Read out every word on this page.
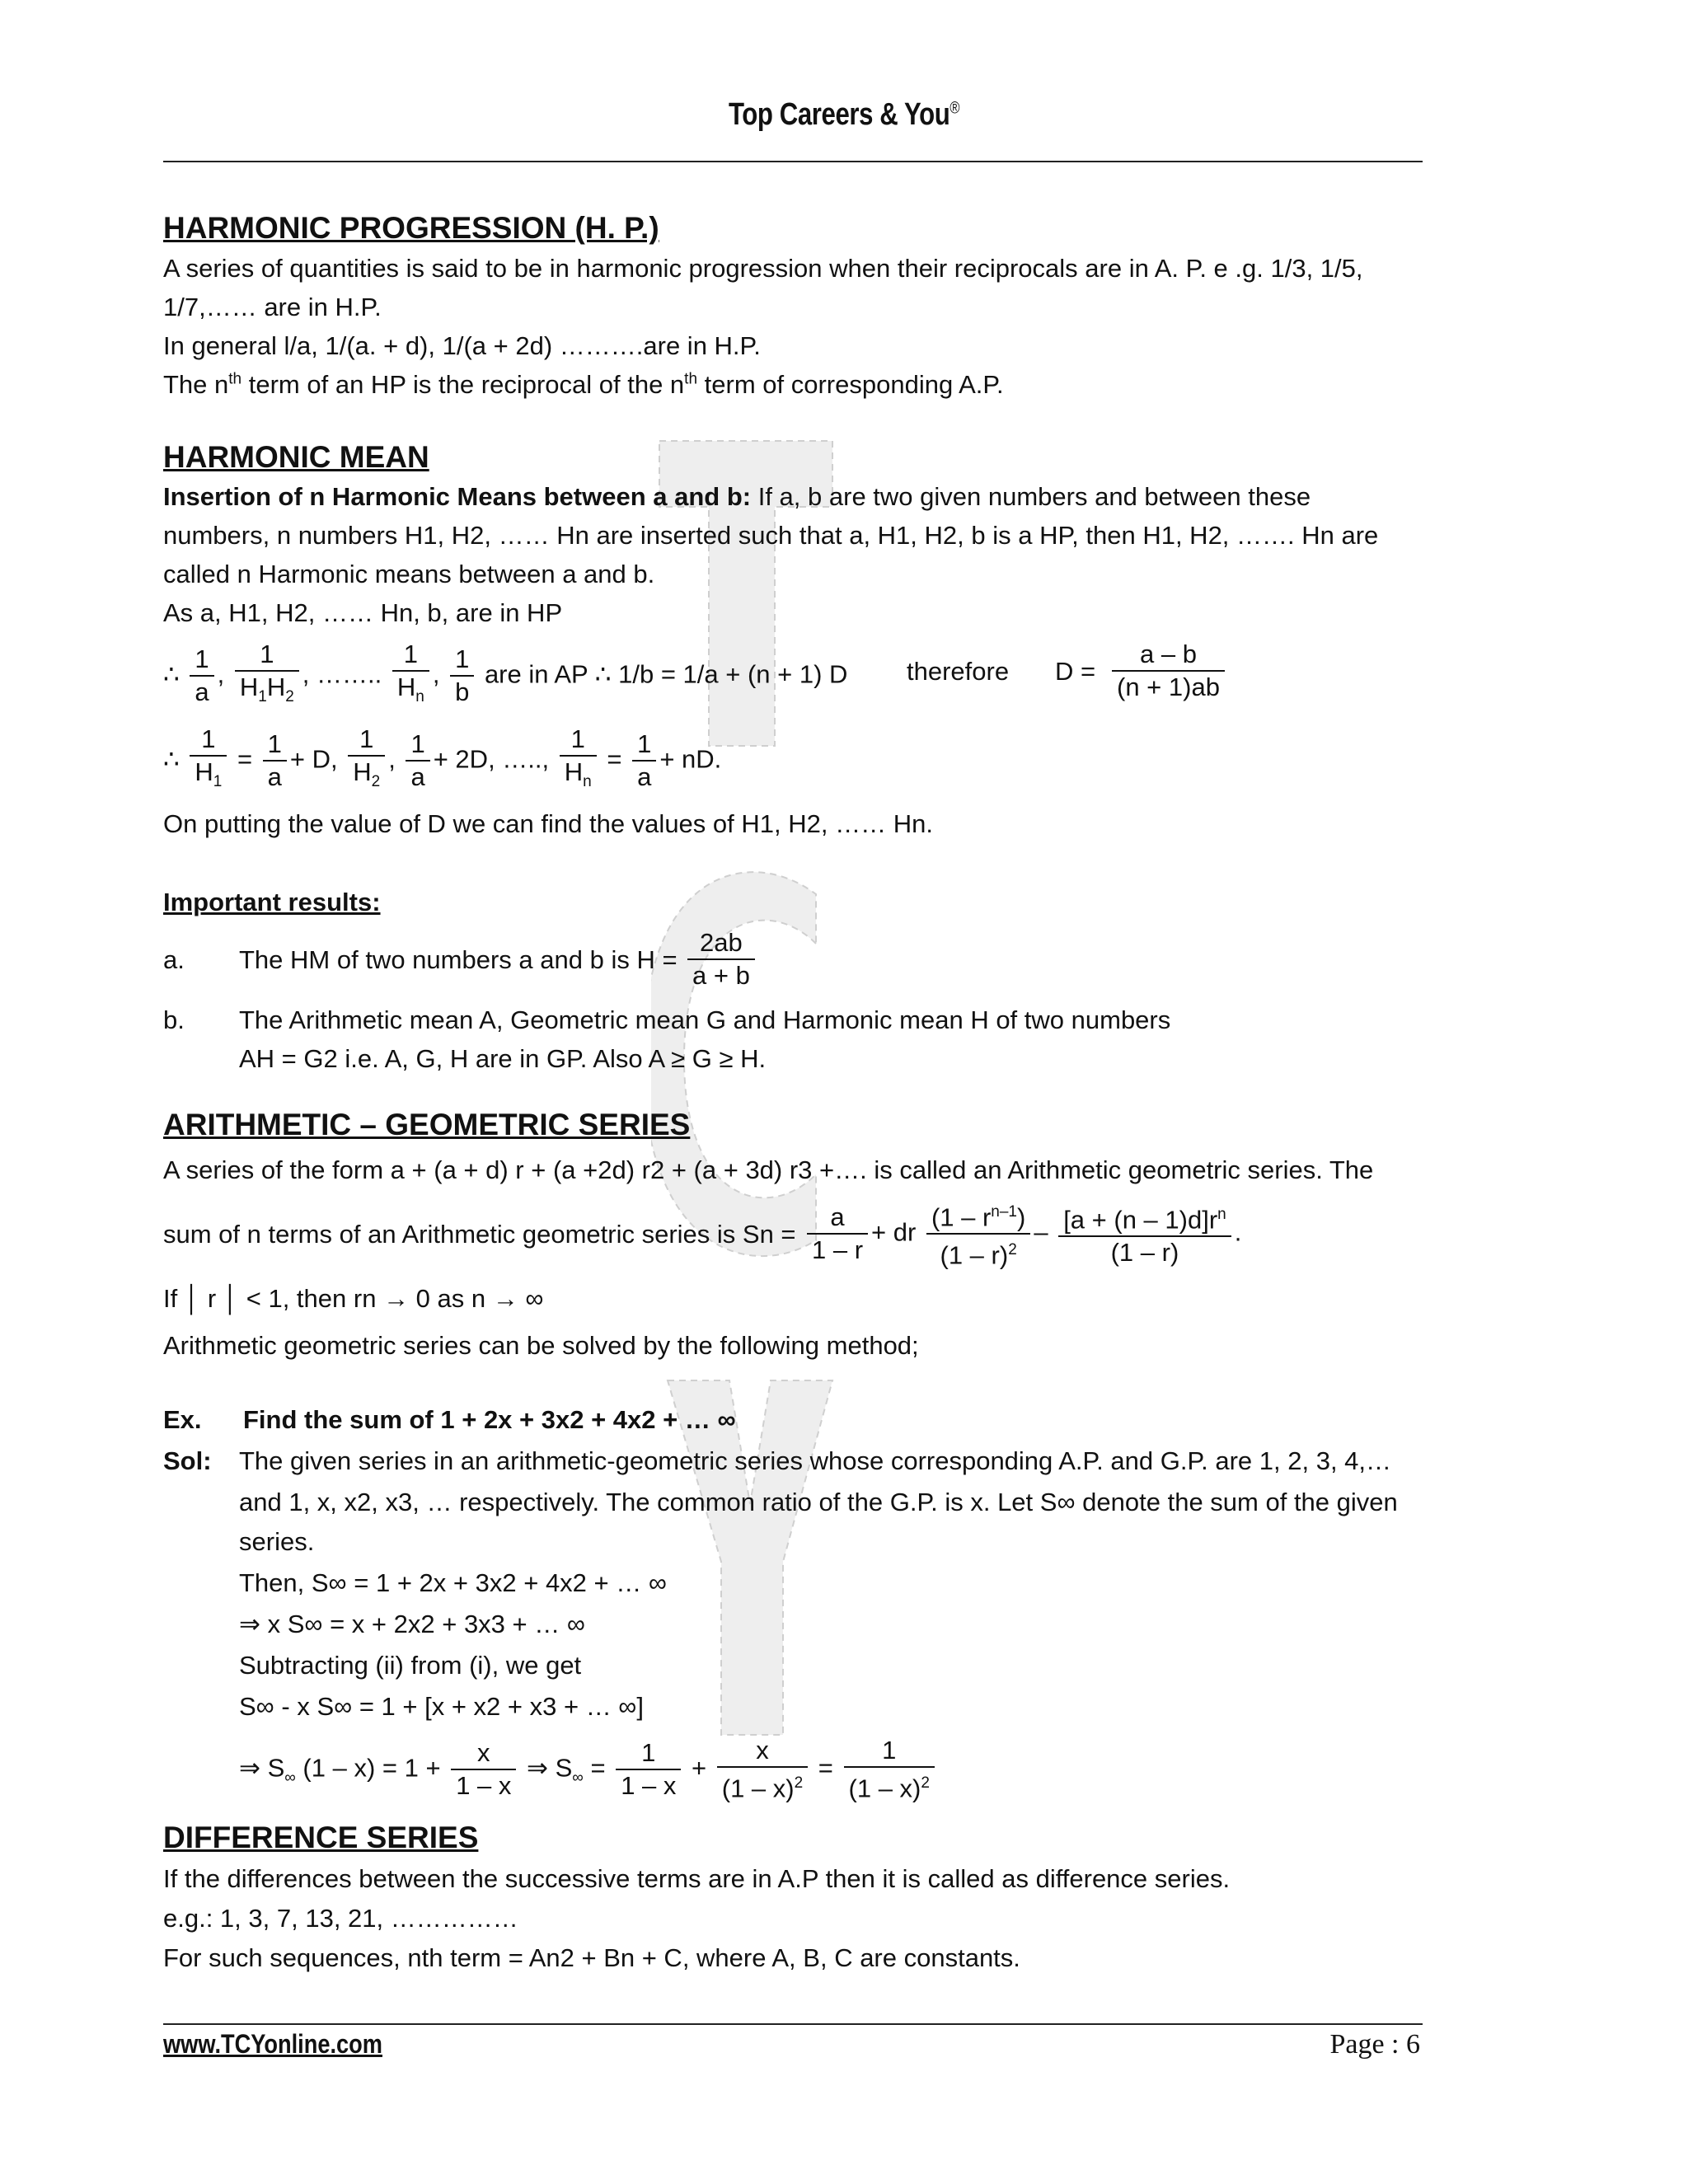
Top Careers & You®
HARMONIC PROGRESSION (H. P.)
A series of quantities is said to be in harmonic progression when their reciprocals are in A. P. e .g. 1/3, 1/5,
1/7,…… are in H.P.
In general l/a, 1/(a. + d), 1/(a + 2d) ……….are in H.P.
The $n^{th}$ term of an HP is the reciprocal of the $n^{th}$ term of corresponding A.P.
HARMONIC MEAN
Insertion of n Harmonic Means between a and b: If a, b are two given numbers and between these
numbers, n numbers H1, H2, …… Hn are inserted such that a, H1, H2, b is a HP, then H1, H2, ……. Hn are
called n Harmonic means between a and b.
As a, H1, H2, …… Hn, b, are in HP
∴ $\frac{1}{a}$ , $\frac{1}{H_1H_2}$ , …….. $\frac{1}{H_n}$ , $\frac{1}{b}$ are in AP ∴ 1/b = 1/a + (n + 1) D therefore $D = \frac{a - b}{(n + 1)ab}$
∴ $\frac{1}{H_1} = \frac{1}{a} + D$, $\frac{1}{H_2}$ , $\frac{1}{a} + 2D$, ….., $\frac{1}{H_n} = \frac{1}{a}$ + nD.
On putting the value of D we can find the values of H1, H2, …… Hn.
Important results:
a. The HM of two numbers a and b is $H = \frac{2ab}{a + b}$
b. The Arithmetic mean A, Geometric mean G and Harmonic mean H of two numbers
AH = G2 i.e. A, G, H are in GP. Also A ≥ G ≥ H.
ARITHMETIC – GEOMETRIC SERIES
A series of the form a + (a + d) r + (a +2d) r2 + (a + 3d) r3 +…. is called an Arithmetic geometric series. The
sum of n terms of an Arithmetic geometric series is $Sn = \frac{a}{1 - r}$ + dr $\frac{(1 - r^{n-1})}{(1 - r)^2} - \frac{[a + (n - 1)d]r^n}{(1 - r)}$ .
If │ r │ < 1, then rn → 0 as n → ∞
Arithmetic geometric series can be solved by the following method;
Ex. Find the sum of 1 + 2x + 3x2 + 4x2 + … ∞
Sol: The given series in an arithmetic-geometric series whose corresponding A.P. and G.P. are 1, 2, 3, 4,…
and 1, x, x2, x3, … respectively. The common ratio of the G.P. is x. Let S∞ denote the sum of the given
series.
Then, S∞ = 1 + 2x + 3x2 + 4x2 + … ∞
⇒ x S∞ = x + 2x2 + 3x3 + … ∞
Subtracting (ii) from (i), we get
S∞ - x S∞ = 1 + [x + x2 + x3 + … ∞]
⇒ $S_\infty$ $(1 - x) = 1 + \frac{x}{1 - x}$ ⇒ $S_\infty = \frac{1}{1 - x} + \frac{x}{(1 - x)^2} = \frac{1}{(1 - x)^2}$
DIFFERENCE SERIES
If the differences between the successive terms are in A.P then it is called as difference series.
e.g.: 1, 3, 7, 13, 21, ……………
For such sequences, nth term = An2 + Bn + C, where A, B, C are constants.
www.TCYonline.com	Page : 6
